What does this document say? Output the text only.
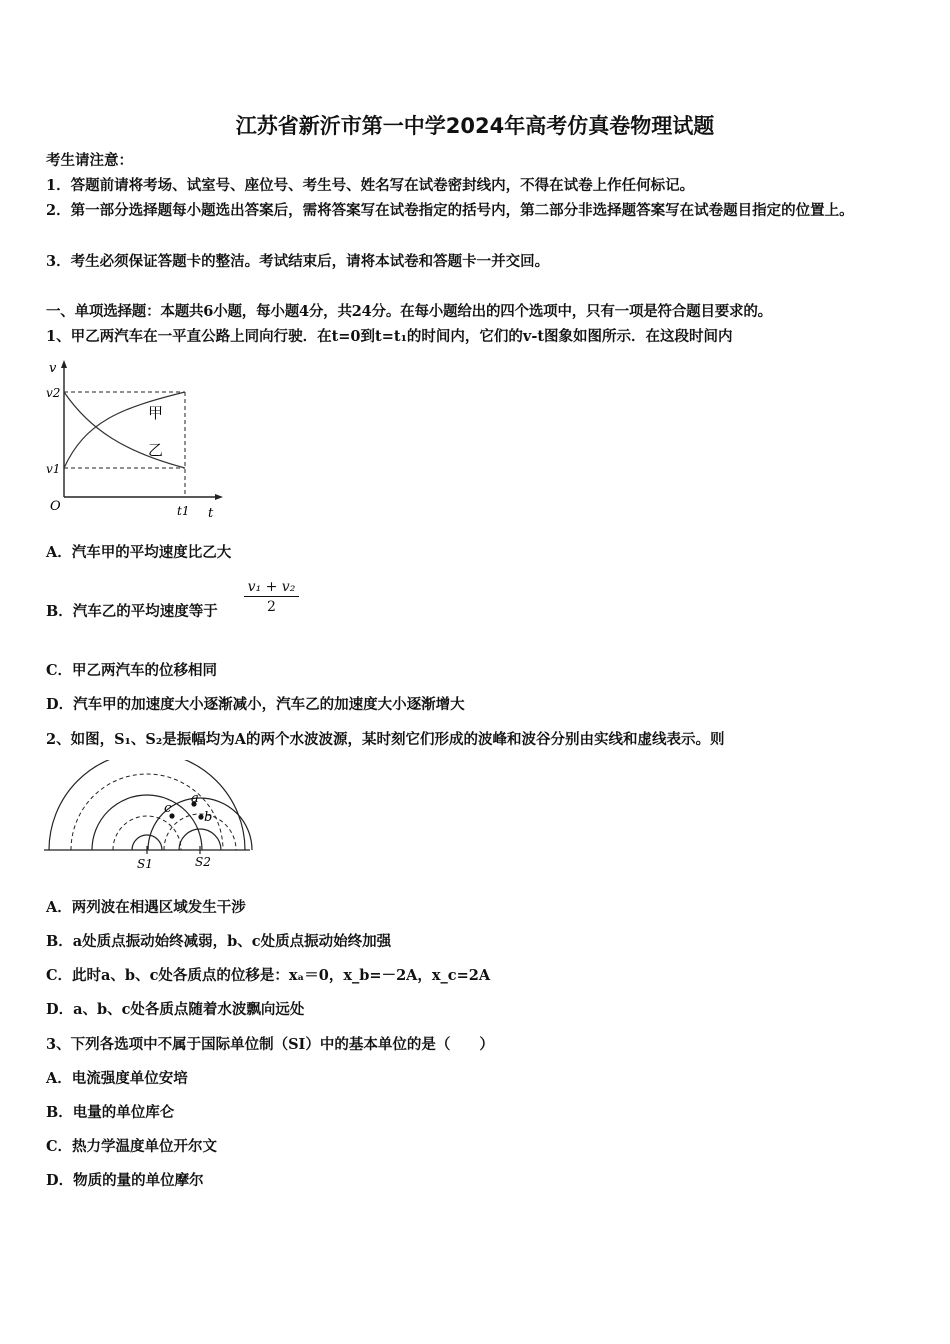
江苏省新沂市第一中学2024年高考仿真卷物理试题
考生请注意：
1．答题前请将考场、试室号、座位号、考生号、姓名写在试卷密封线内，不得在试卷上作任何标记。
2．第一部分选择题每小题选出答案后，需将答案写在试卷指定的括号内，第二部分非选择题答案写在试卷题目指定的位置上。
3．考生必须保证答题卡的整洁。考试结束后，请将本试卷和答题卡一并交回。
一、单项选择题：本题共6小题，每小题4分，共24分。在每小题给出的四个选项中，只有一项是符合题目要求的。
1、甲乙两汽车在一平直公路上同向行驶．在t=0到t=t₁的时间内，它们的v-t图象如图所示．在这段时间内
v
v2
v1
O	t1 t
甲
乙
A．汽车甲的平均速度比乙大
B．汽车乙的平均速度等于 $\frac{\text{v₁ + v₂}}{2}$
C．甲乙两汽车的位移相同
D．汽车甲的加速度大小逐渐减小，汽车乙的加速度大小逐渐增大
2、如图，S₁、S₂是振幅均为A的两个水波波源，某时刻它们形成的波峰和波谷分别由实线和虚线表示。则
c
a
b
S1	S2
A．两列波在相遇区域发生干涉
B．a处质点振动始终减弱，b、c处质点振动始终加强
C．此时a、b、c处各质点的位移是：xₐ＝0，x_b=－2A，x_c=2A
D．a、b、c处各质点随着水波飘向远处
3、下列各选项中不属于国际单位制（SI）中的基本单位的是（　　）
A．电流强度单位安培
B．电量的单位库仑
C．热力学温度单位开尔文
D．物质的量的单位摩尔
